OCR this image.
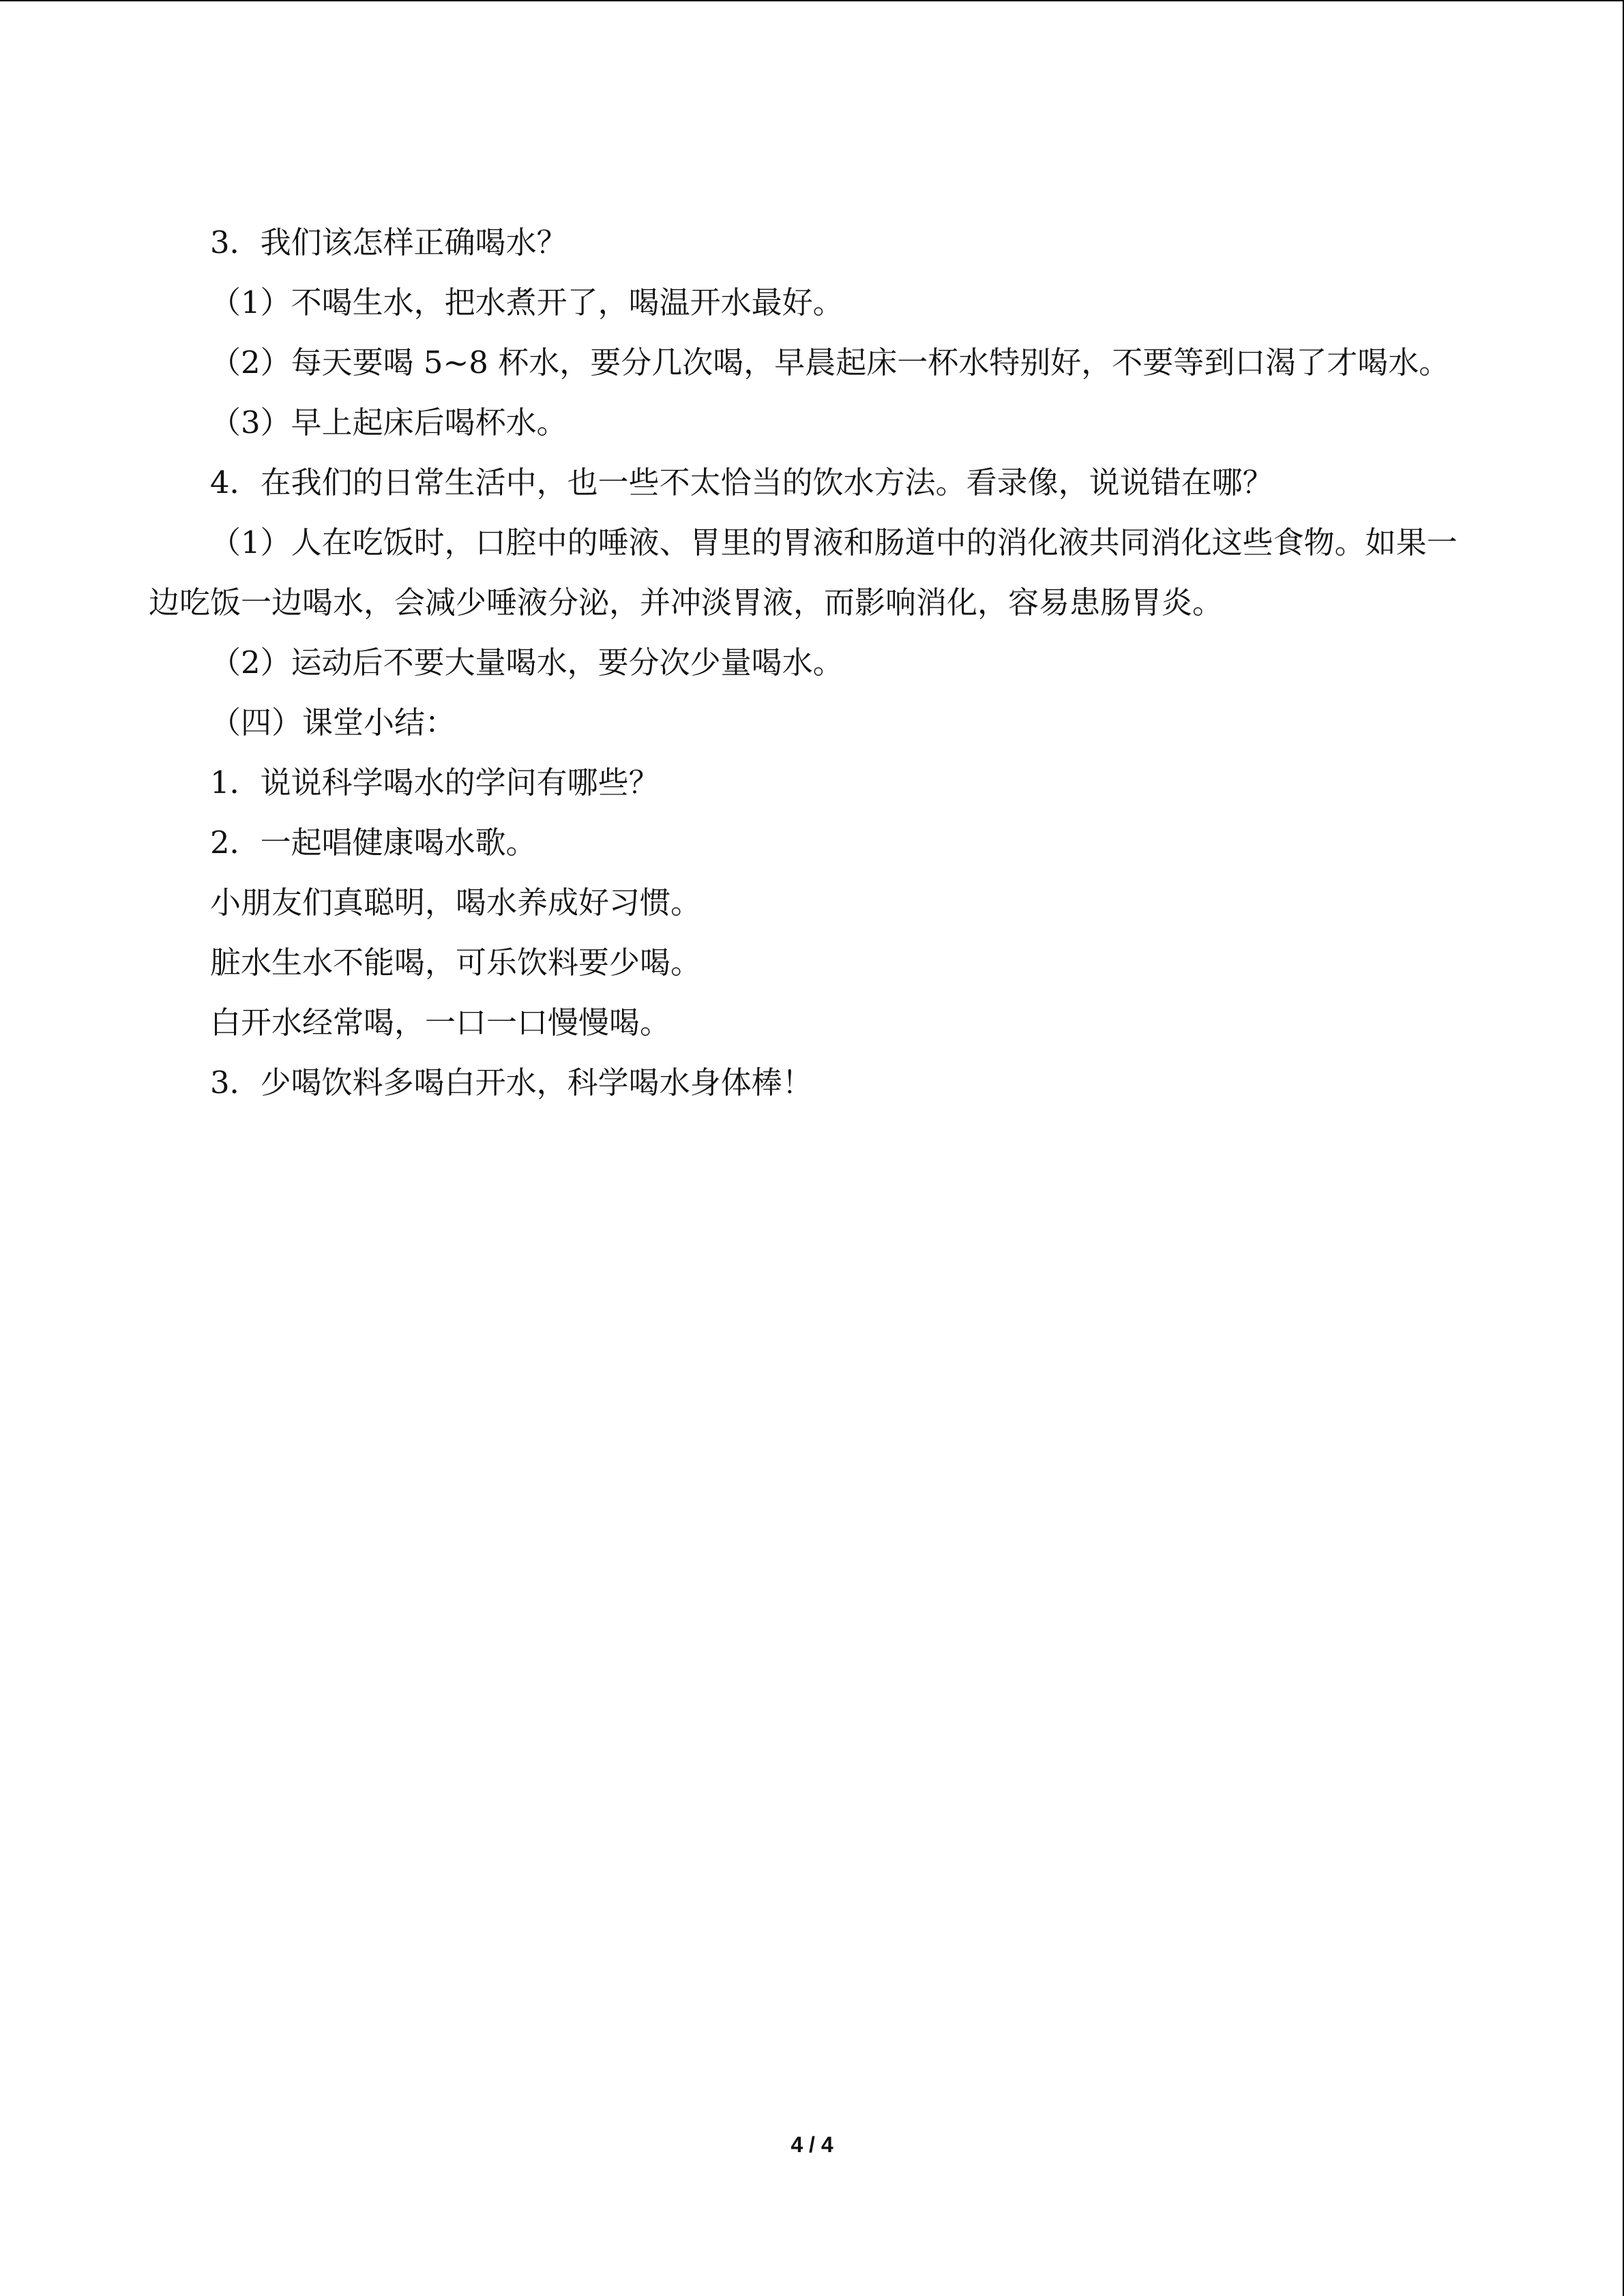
3．我们该怎样正确喝水？

（1）不喝生水，把水煮开了，喝温开水最好。

（2）每天要喝 5~8 杯水，要分几次喝，早晨起床一杯水特别好，不要等到口渴了才喝水。

（3）早上起床后喝杯水。

4．在我们的日常生活中，也一些不太恰当的饮水方法。看录像，说说错在哪？

（1）人在吃饭时，口腔中的唾液、胃里的胃液和肠道中的消化液共同消化这些食物。如果一边吃饭一边喝水，会减少唾液分泌，并冲淡胃液，而影响消化，容易患肠胃炎。

（2）运动后不要大量喝水，要分次少量喝水。

（四）课堂小结：

1．说说科学喝水的学问有哪些？

2．一起唱健康喝水歌。

小朋友们真聪明，喝水养成好习惯。

脏水生水不能喝，可乐饮料要少喝。

白开水经常喝，一口一口慢慢喝。

3．少喝饮料多喝白开水，科学喝水身体棒！

4 / 4
